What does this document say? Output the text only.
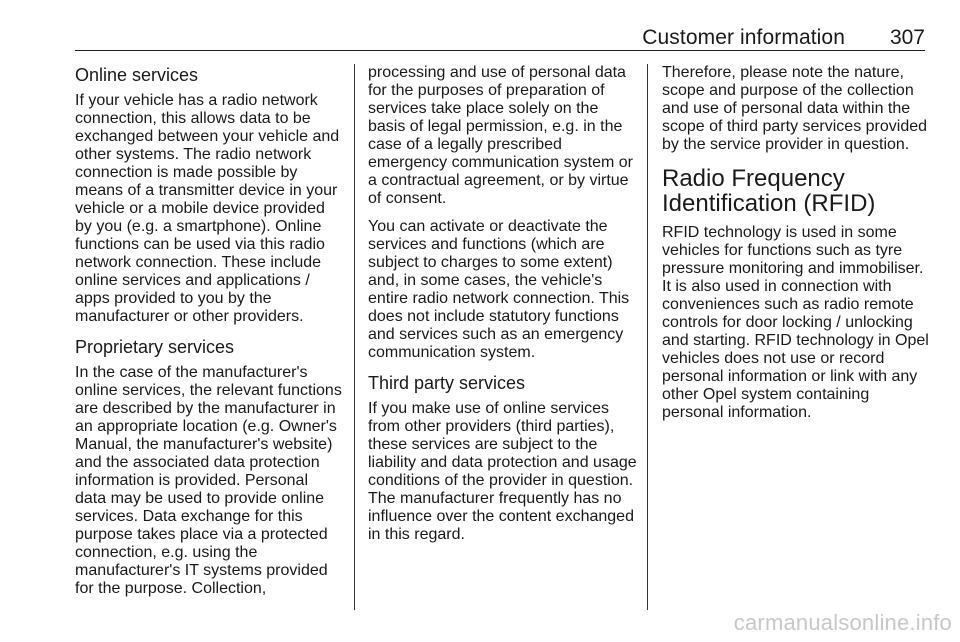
Customer information 307
Online services

If your vehicle has a radio network
connection, this allows data to be
exchanged between your vehicle and
other systems. The radio network
connection is made possible by
means of a transmitter device in your
vehicle or a mobile device provided
by you (e.g. a smartphone). Online
functions can be used via this radio
network connection. These include
online services and applications /
apps provided to you by the
manufacturer or other providers.

Proprietary services

In the case of the manufacturer's
online services, the relevant functions
are described by the manufacturer in
an appropriate location (e.g. Owner's
Manual, the manufacturer's website)
and the associated data protection
information is provided. Personal
data may be used to provide online
services. Data exchange for this
purpose takes place via a protected
connection, e.g. using the
manufacturer's IT systems provided
for the purpose. Collection,

processing and use of personal data
for the purposes of preparation of
services take place solely on the
basis of legal permission, e.g. in the
case of a legally prescribed
emergency communication system or
a contractual agreement, or by virtue
of consent.

You can activate or deactivate the
services and functions (which are
subject to charges to some extent)
and, in some cases, the vehicle's
entire radio network connection. This
does not include statutory functions
and services such as an emergency
communication system.

Third party services

If you make use of online services
from other providers (third parties),
these services are subject to the
liability and data protection and usage
conditions of the provider in question.
The manufacturer frequently has no
influence over the content exchanged
in this regard.

Therefore, please note the nature,
scope and purpose of the collection
and use of personal data within the
scope of third party services provided
by the service provider in question.

Radio Frequency
Identification (RFID)

RFID technology is used in some
vehicles for functions such as tyre
pressure monitoring and immobiliser.
It is also used in connection with
conveniences such as radio remote
controls for door locking / unlocking
and starting. RFID technology in Opel
vehicles does not use or record
personal information or link with any
other Opel system containing
personal information.

carmanualsonline.info
